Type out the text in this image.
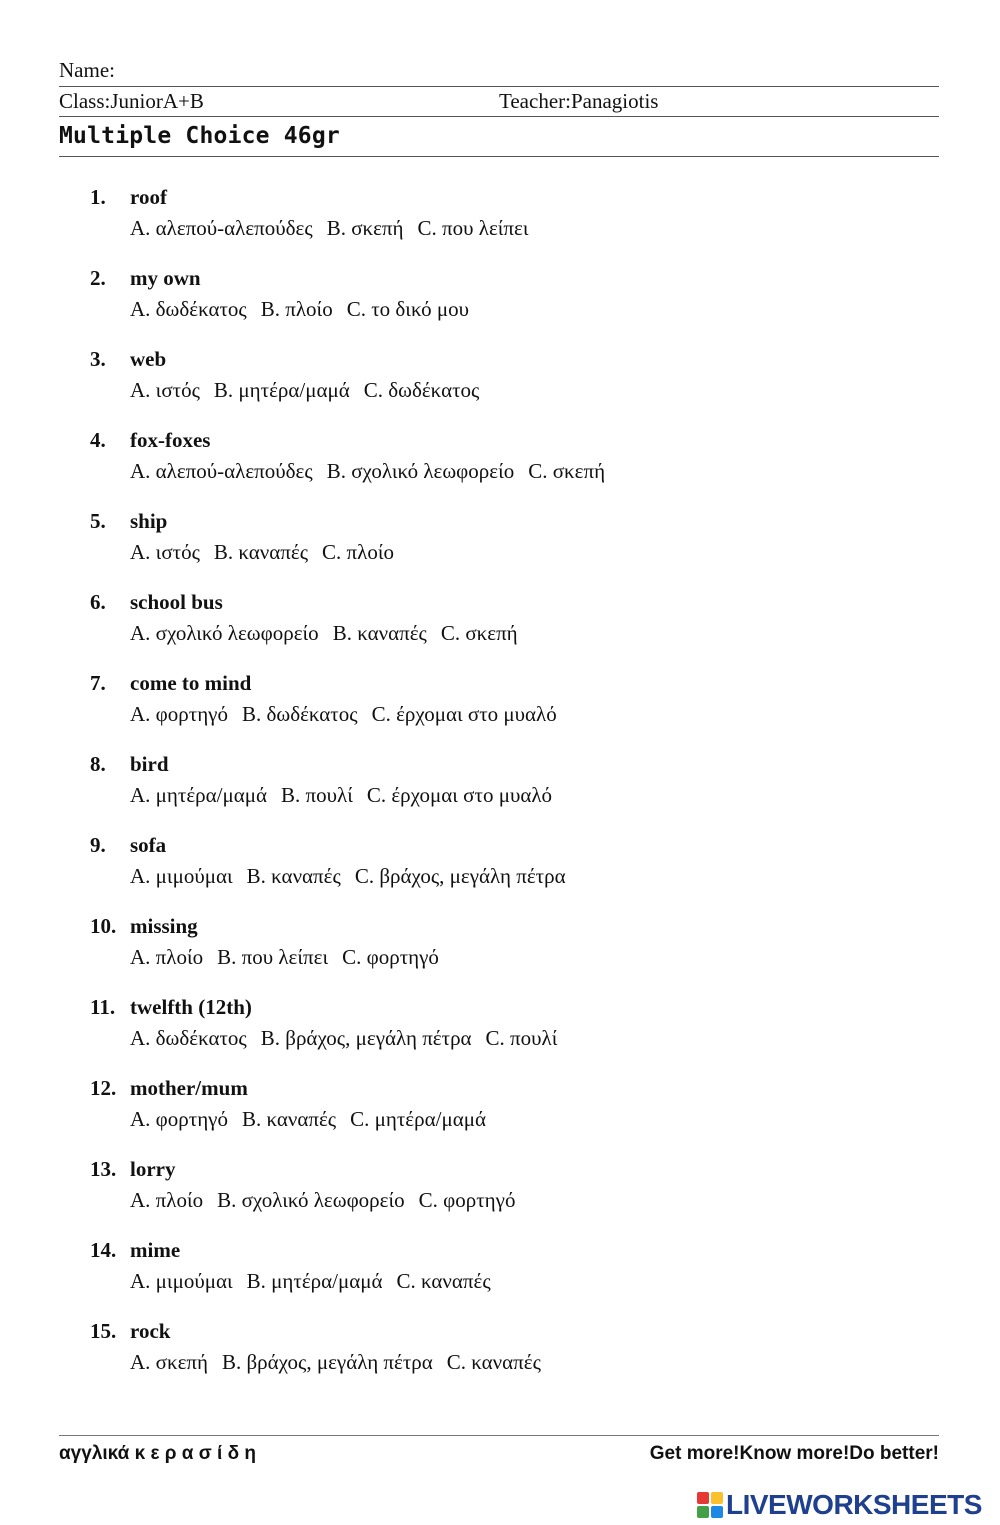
Name:
Class:JuniorA+B	Teacher:Panagiotis
Multiple Choice 46gr
1. roof
A. αλεπού-αλεπούδες B. σκεπή C. που λείπει
2. my own
A. δωδέκατος B. πλοίο C. το δικό μου
3. web
A. ιστός B. μητέρα/μαμά C. δωδέκατος
4. fox-foxes
A. αλεπού-αλεπούδες B. σχολικό λεωφορείο C. σκεπή
5. ship
A. ιστός B. καναπές C. πλοίο
6. school bus
A. σχολικό λεωφορείο B. καναπές C. σκεπή
7. come to mind
A. φορτηγό B. δωδέκατος C. έρχομαι στο μυαλό
8. bird
A. μητέρα/μαμά B. πουλί C. έρχομαι στο μυαλό
9. sofa
A. μιμούμαι B. καναπές C. βράχος, μεγάλη πέτρα
10. missing
A. πλοίο B. που λείπει C. φορτηγό
11. twelfth (12th)
A. δωδέκατος B. βράχος, μεγάλη πέτρα C. πουλί
12. mother/mum
A. φορτηγό B. καναπές C. μητέρα/μαμά
13. lorry
A. πλοίο B. σχολικό λεωφορείο C. φορτηγό
14. mime
A. μιμούμαι B. μητέρα/μαμά C. καναπές
15. rock
A. σκεπή B. βράχος, μεγάλη πέτρα C. καναπές
αγγλικά κ ε ρ α σ ί δ η	Get more!Know more!Do better!
LIVEWORKSHEETS
